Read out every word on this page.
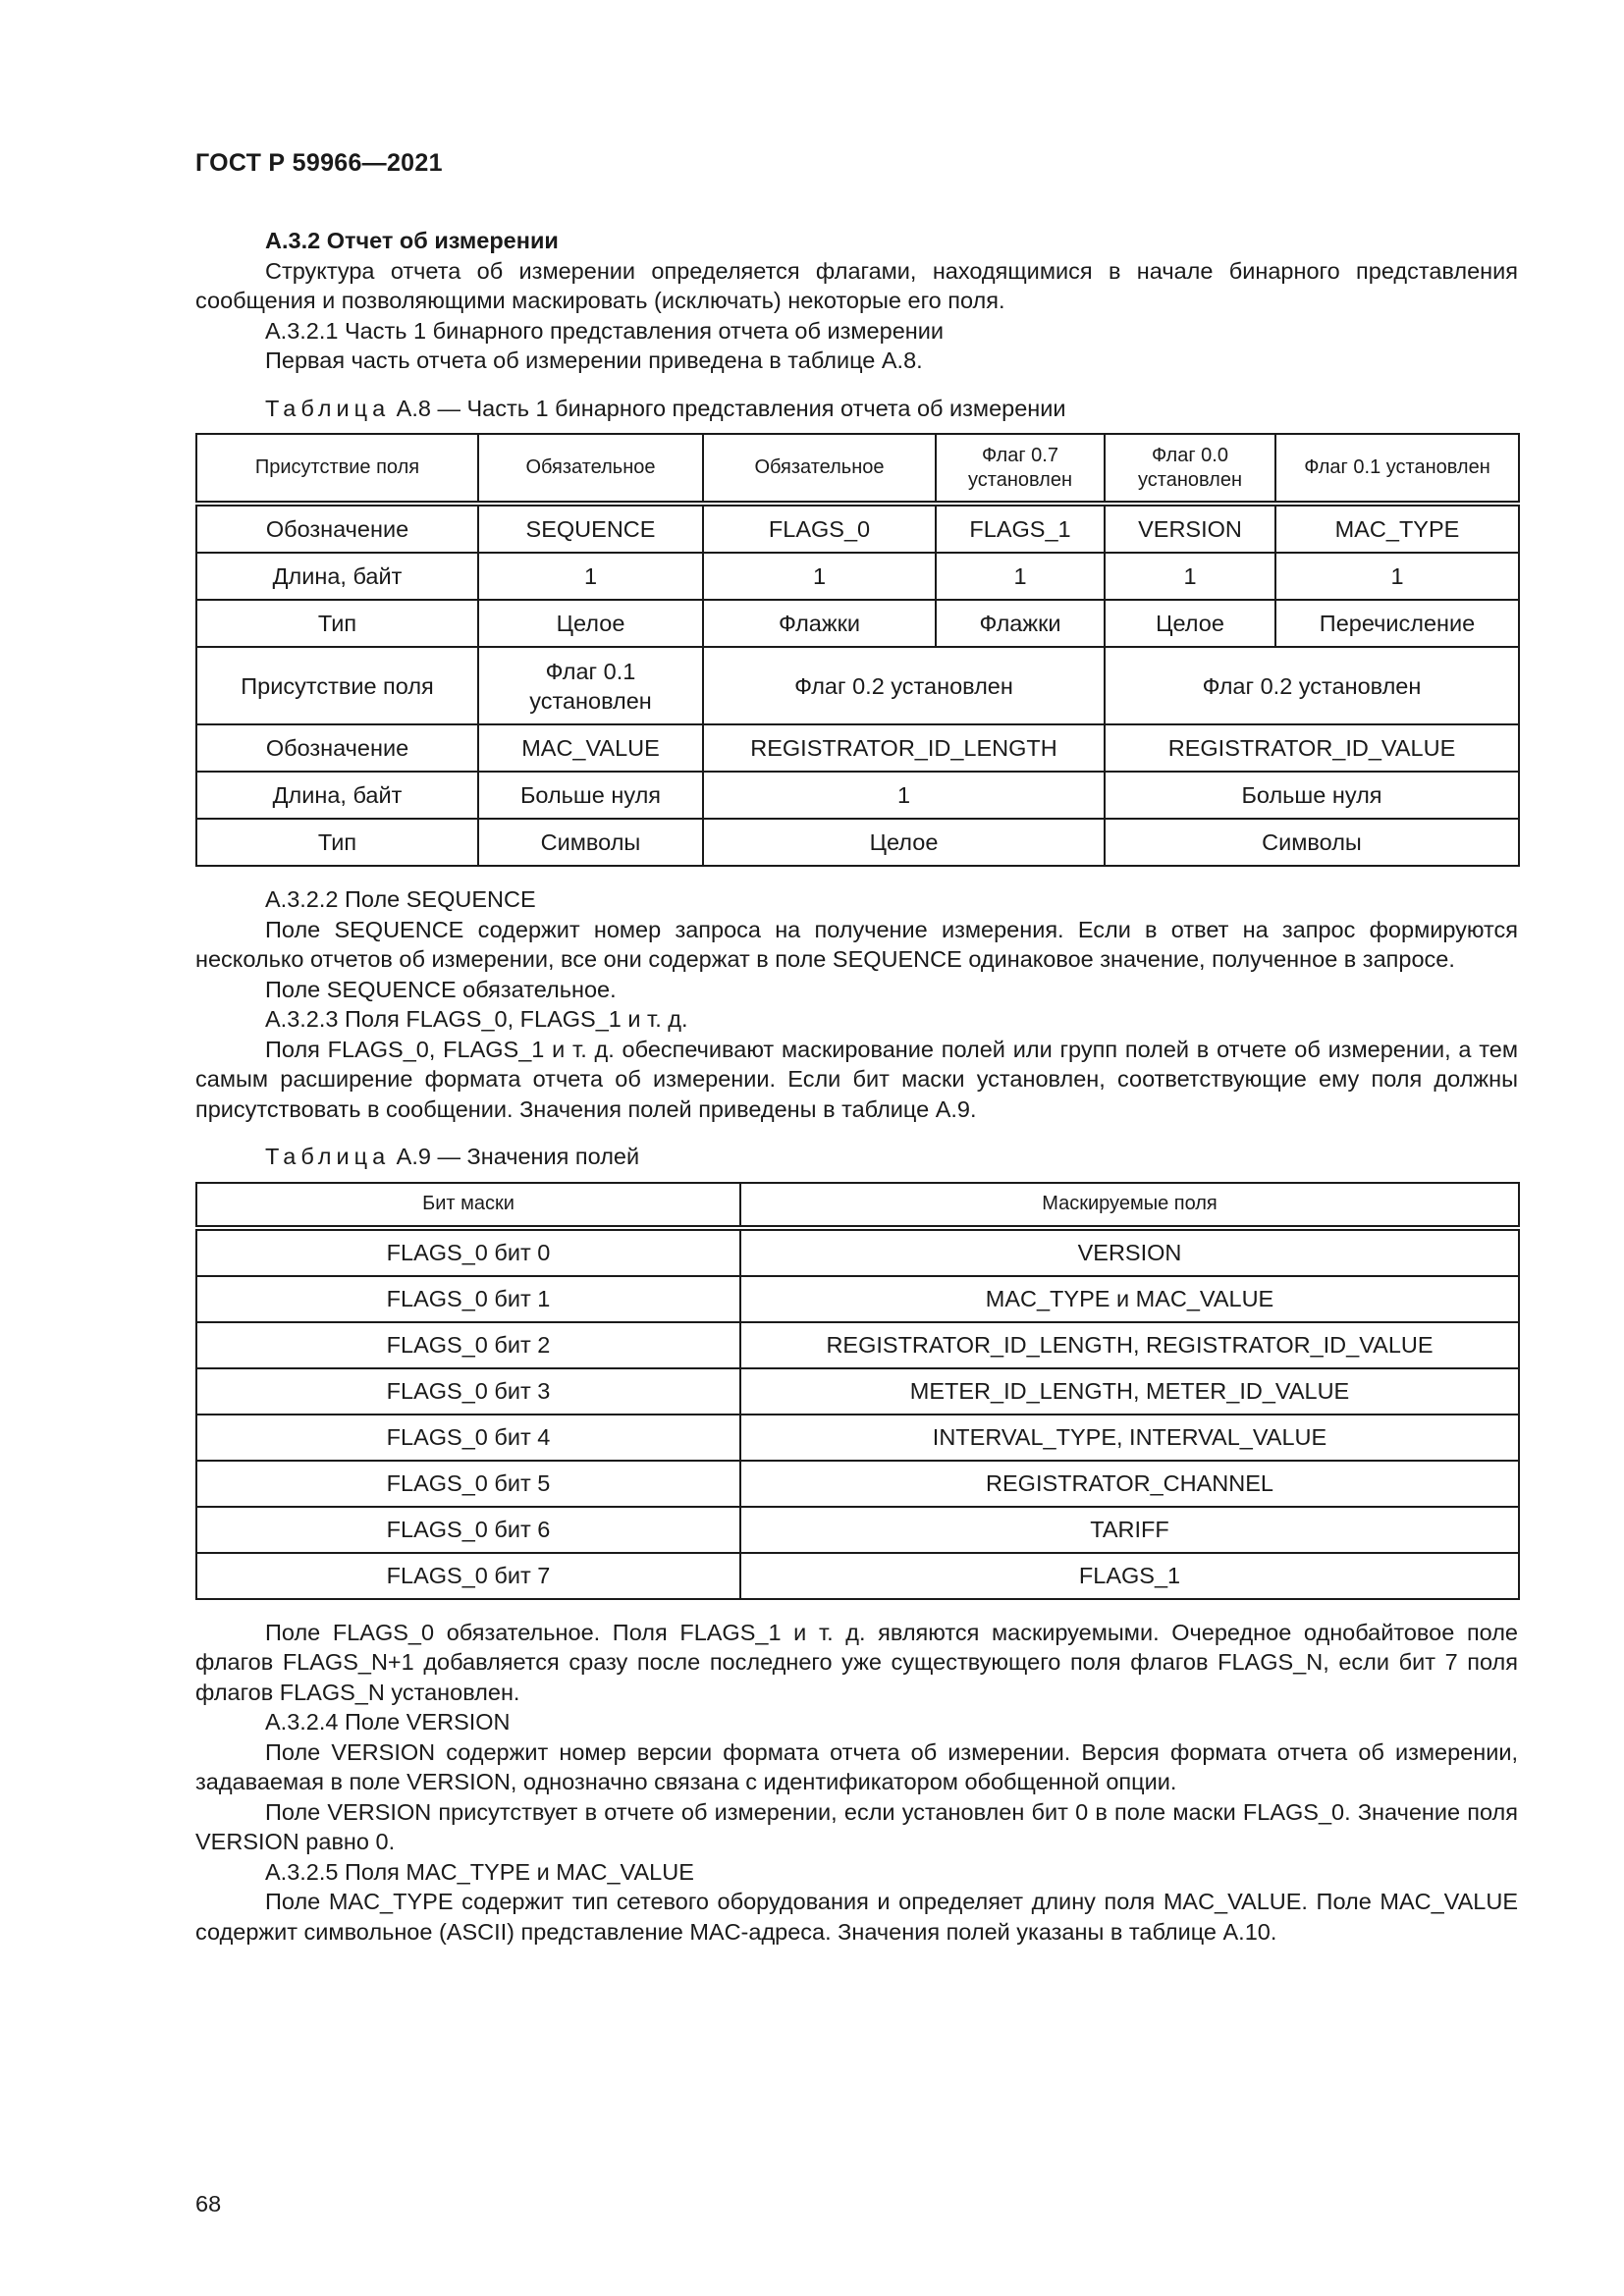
ГОСТ Р 59966—2021

А.3.2 Отчет об измерении

Структура отчета об измерении определяется флагами, находящимися в начале бинарного представления сообщения и позволяющими маскировать (исключать) некоторые его поля.

А.3.2.1 Часть 1 бинарного представления отчета об измерении

Первая часть отчета об измерении приведена в таблице А.8.

Таблица А.8 — Часть 1 бинарного представления отчета об измерении

Присутствие поля	Обязательное	Обязательное	Флаг 0.7 установлен	Флаг 0.0 установлен	Флаг 0.1 установлен
Обозначение	SEQUENCE	FLAGS_0	FLAGS_1	VERSION	MAC_TYPE
Длина, байт	1	1	1	1	1
Тип	Целое	Флажки	Флажки	Целое	Перечисление
Присутствие поля	Флаг 0.1 установлен	Флаг 0.2 установлен		Флаг 0.2 установлен	
Обозначение	MAC_VALUE	REGISTRATOR_ID_LENGTH		REGISTRATOR_ID_VALUE	
Длина, байт	Больше нуля	1		Больше нуля	
Тип	Символы	Целое		Символы	

А.3.2.2 Поле SEQUENCE

Поле SEQUENCE содержит номер запроса на получение измерения. Если в ответ на запрос формируются несколько отчетов об измерении, все они содержат в поле SEQUENCE одинаковое значение, полученное в запросе.

Поле SEQUENCE обязательное.

А.3.2.3 Поля FLAGS_0, FLAGS_1 и т. д.

Поля FLAGS_0, FLAGS_1 и т. д. обеспечивают маскирование полей или групп полей в отчете об измерении, а тем самым расширение формата отчета об измерении. Если бит маски установлен, соответствующие ему поля должны присутствовать в сообщении. Значения полей приведены в таблице А.9.

Таблица А.9 — Значения полей

Бит маски	Маскируемые поля
FLAGS_0 бит 0	VERSION
FLAGS_0 бит 1	MAC_TYPE и MAC_VALUE
FLAGS_0 бит 2	REGISTRATOR_ID_LENGTH, REGISTRATOR_ID_VALUE
FLAGS_0 бит 3	METER_ID_LENGTH, METER_ID_VALUE
FLAGS_0 бит 4	INTERVAL_TYPE, INTERVAL_VALUE
FLAGS_0 бит 5	REGISTRATOR_CHANNEL
FLAGS_0 бит 6	TARIFF
FLAGS_0 бит 7	FLAGS_1

Поле FLAGS_0 обязательное. Поля FLAGS_1 и т. д. являются маскируемыми. Очередное однобайтовое поле флагов FLAGS_N+1 добавляется сразу после последнего уже существующего поля флагов FLAGS_N, если бит 7 поля флагов FLAGS_N установлен.

А.3.2.4 Поле VERSION

Поле VERSION содержит номер версии формата отчета об измерении. Версия формата отчета об измерении, задаваемая в поле VERSION, однозначно связана с идентификатором обобщенной опции.

Поле VERSION присутствует в отчете об измерении, если установлен бит 0 в поле маски FLAGS_0. Значение поля VERSION равно 0.

А.3.2.5 Поля MAC_TYPE и MAC_VALUE

Поле MAC_TYPE содержит тип сетевого оборудования и определяет длину поля MAC_VALUE. Поле MAC_VALUE содержит символьное (ASCII) представление MAC-адреса. Значения полей указаны в таблице А.10.

68
